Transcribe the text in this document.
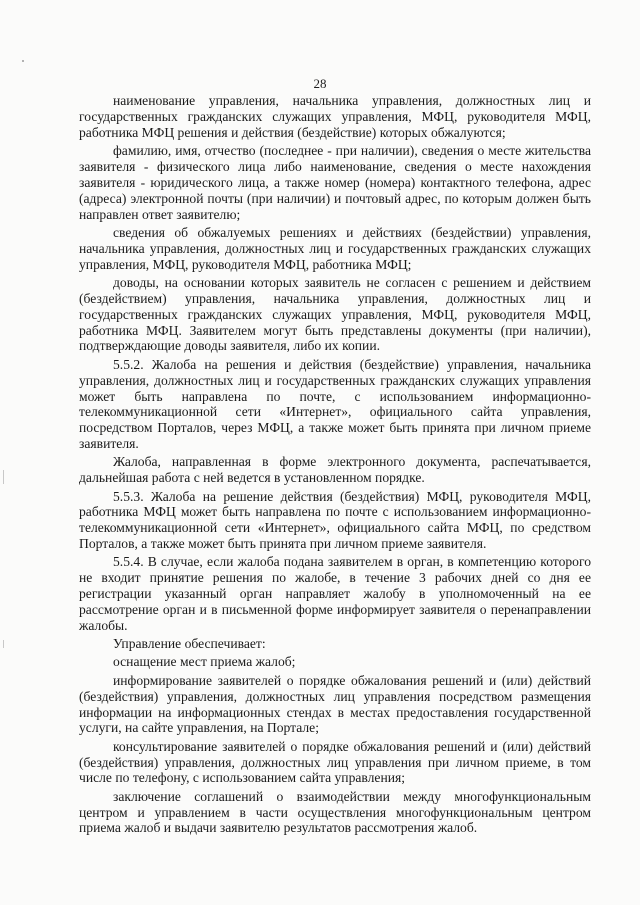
28

наименование управления, начальника управления, должностных лиц и государственных гражданских служащих управления, МФЦ, руководителя МФЦ, работника МФЦ решения и действия (бездействие) которых обжалуются;

фамилию, имя, отчество (последнее - при наличии), сведения о месте жительства заявителя - физического лица либо наименование, сведения о месте нахождения заявителя - юридического лица, а также номер (номера) контактного телефона, адрес (адреса) электронной почты (при наличии) и почтовый адрес, по которым должен быть направлен ответ заявителю;

сведения об обжалуемых решениях и действиях (бездействии) управления, начальника управления, должностных лиц и государственных гражданских служащих управления, МФЦ, руководителя МФЦ, работника МФЦ;

доводы, на основании которых заявитель не согласен с решением и действием (бездействием) управления, начальника управления, должностных лиц и государственных гражданских служащих управления, МФЦ, руководителя МФЦ, работника МФЦ. Заявителем могут быть представлены документы (при наличии), подтверждающие доводы заявителя, либо их копии.

5.5.2. Жалоба на решения и действия (бездействие) управления, начальника управления, должностных лиц и государственных гражданских служащих управления может быть направлена по почте, с использованием информационно-телекоммуникационной сети «Интернет», официального сайта управления, посредством Порталов, через МФЦ, а также может быть принята при личном приеме заявителя.

Жалоба, направленная в форме электронного документа, распечатывается, дальнейшая работа с ней ведется в установленном порядке.

5.5.3. Жалоба на решение действия (бездействия) МФЦ, руководителя МФЦ, работника МФЦ может быть направлена по почте с использованием информационно-телекоммуникационной сети «Интернет», официального сайта МФЦ, по средством Порталов, а также может быть принята при личном приеме заявителя.

5.5.4. В случае, если жалоба подана заявителем в орган, в компетенцию которого не входит принятие решения по жалобе, в течение 3 рабочих дней со дня ее регистрации указанный орган направляет жалобу в уполномоченный на ее рассмотрение орган и в письменной форме информирует заявителя о перенаправлении жалобы.

Управление обеспечивает:

оснащение мест приема жалоб;

информирование заявителей о порядке обжалования решений и (или) действий (бездействия) управления, должностных лиц управления посредством размещения информации на информационных стендах в местах предоставления государственной услуги, на сайте управления, на Портале;

консультирование заявителей о порядке обжалования решений и (или) действий (бездействия) управления, должностных лиц управления при личном приеме, в том числе по телефону, с использованием сайта управления;

заключение соглашений о взаимодействии между многофункциональным центром и управлением в части осуществления многофункциональным центром приема жалоб и выдачи заявителю результатов рассмотрения жалоб.
